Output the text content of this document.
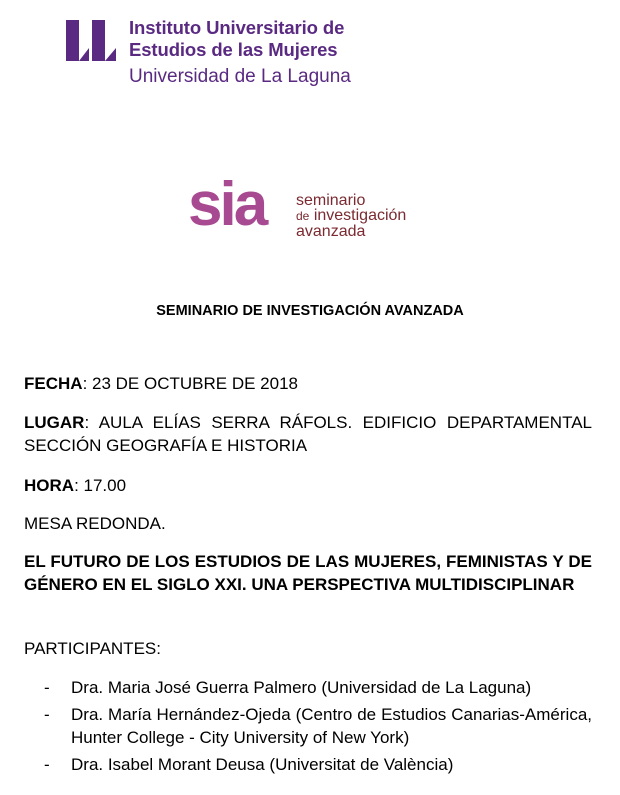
Instituto Universitario de
Estudios de las Mujeres
Universidad de La Laguna
sia seminario
de investigación
avanzada
SEMINARIO DE INVESTIGACIÓN AVANZADA
FECHA: 23 DE OCTUBRE DE 2018
LUGAR: AULA ELÍAS SERRA RÁFOLS. EDIFICIO DEPARTAMENTAL SECCIÓN GEOGRAFÍA E HISTORIA
HORA: 17.00
MESA REDONDA.
EL FUTURO DE LOS ESTUDIOS DE LAS MUJERES, FEMINISTAS Y DE GÉNERO EN EL SIGLO XXI. UNA PERSPECTIVA MULTIDISCIPLINAR
PARTICIPANTES:
- Dra. Maria José Guerra Palmero (Universidad de La Laguna)
- Dra. María Hernández-Ojeda (Centro de Estudios Canarias-América, Hunter College - City University of New York)
- Dra. Isabel Morant Deusa (Universitat de València)
